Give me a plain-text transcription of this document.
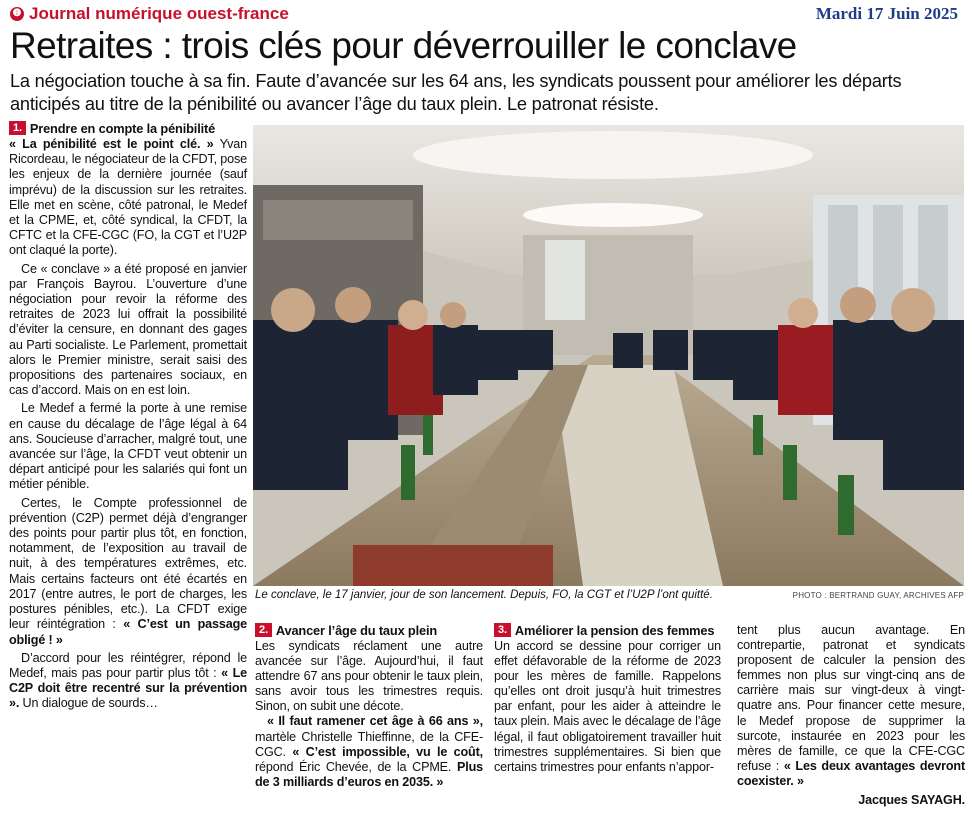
❶ Journal numérique ouest-france	Mardi 17 Juin 2025
Retraites : trois clés pour déverrouiller le conclave
La négociation touche à sa fin. Faute d’avancée sur les 64 ans, les syndicats poussent pour améliorer les départs anticipés au titre de la pénibilité ou avancer l’âge du taux plein. Le patronat résiste.
1. Prendre en compte la pénibilité

« La pénibilité est le point clé. » Yvan Ricordeau, le négociateur de la CFDT, pose les enjeux de la dernière journée (sauf imprévu) de la discussion sur les retraites. Elle met en scène, côté patronal, le Medef et la CPME, et, côté syndical, la CFDT, la CFTC et la CFE-CGC (FO, la CGT et l’U2P ont claqué la porte).

Ce « conclave » a été proposé en janvier par François Bayrou. L’ouverture d’une négociation pour revoir la réforme des retraites de 2023 lui offrait la possibilité d’éviter la censure, en donnant des gages au Parti socialiste. Le Parlement, promettait alors le Premier ministre, serait saisi des propositions des partenaires sociaux, en cas d’accord. Mais on en est loin.

Le Medef a fermé la porte à une remise en cause du décalage de l’âge légal à 64 ans. Soucieuse d’arracher, malgré tout, une avancée sur l’âge, la CFDT veut obtenir un départ anticipé pour les salariés qui font un métier pénible.

Certes, le Compte professionnel de prévention (C2P) permet déjà d’engranger des points pour partir plus tôt, en fonction, notamment, de l’exposition au travail de nuit, à des températures extrêmes, etc. Mais certains facteurs ont été écartés en 2017 (entre autres, le port de charges, les postures pénibles, etc.). La CFDT exige leur réintégration : « C’est un passage obligé ! »

D’accord pour les réintégrer, répond le Medef, mais pas pour partir plus tôt : « Le C2P doit être recentré sur la prévention ». Un dialogue de sourds…

Le conclave, le 17 janvier, jour de son lancement. Depuis, FO, la CGT et l’U2P l’ont quitté.	PHOTO : BERTRAND GUAY, ARCHIVES AFP
2. Avancer l’âge du taux plein

Les syndicats réclament une autre avancée sur l’âge. Aujourd’hui, il faut attendre 67 ans pour obtenir le taux plein, sans avoir tous les trimestres requis. Sinon, on subit une décote.

« Il faut ramener cet âge à 66 ans », martèle Christelle Thieffinne, de la CFE-CGC. « C’est impossible, vu le coût, répond Éric Chevée, de la CPME. Plus de 3 milliards d’euros en 2035. »

3. Améliorer la pension des femmes

Un accord se dessine pour corriger un effet défavorable de la réforme de 2023 pour les mères de famille. Rappelons qu’elles ont droit jusqu’à huit trimestres par enfant, pour les aider à atteindre le taux plein. Mais avec le décalage de l’âge légal, il faut obligatoirement travailler huit trimestres supplémentaires. Si bien que certains trimestres pour enfants n’appor-

tent plus aucun avantage. En contrepartie, patronat et syndicats proposent de calculer la pension des femmes non plus sur vingt-cinq ans de carrière mais sur vingt-deux à vingt-quatre ans. Pour financer cette mesure, le Medef propose de supprimer la surcote, instaurée en 2023 pour les mères de famille, ce que la CFE-CGC refuse : « Les deux avantages devront coexister. »

Jacques SAYAGH.
